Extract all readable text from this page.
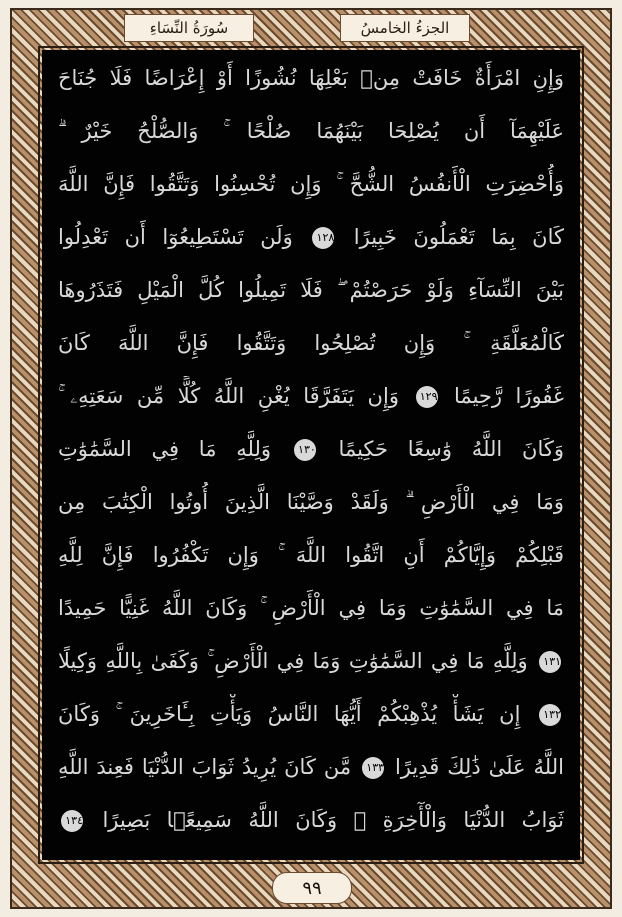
سُورَةُ النِّسَاءِ	الجزءُ الخامسُ
وَإِنِ امْرَأَةٌ خَافَتْ مِنۢ بَعْلِهَا نُشُوزًا أَوْ إِعْرَاضًا فَلَا جُنَاحَ
عَلَيْهِمَآ أَن يُصْلِحَا بَيْنَهُمَا صُلْحًا ۚ وَالصُّلْحُ خَيْرٌ ۗ
وَأُحْضِرَتِ الْأَنفُسُ الشُّحَّ ۚ وَإِن تُحْسِنُوا وَتَتَّقُوا فَإِنَّ اللَّهَ
كَانَ بِمَا تَعْمَلُونَ خَبِيرًا ١٢٨ وَلَن تَسْتَطِيعُوٓا أَن تَعْدِلُوا
بَيْنَ النِّسَآءِ وَلَوْ حَرَصْتُمْ ۖ فَلَا تَمِيلُوا كُلَّ الْمَيْلِ فَتَذَرُوهَا
كَالْمُعَلَّقَةِ ۚ وَإِن تُصْلِحُوا وَتَتَّقُوا فَإِنَّ اللَّهَ كَانَ
غَفُورًا رَّحِيمًا ١٢٩ وَإِن يَتَفَرَّقَا يُغْنِ اللَّهُ كُلًّا مِّن سَعَتِهِۦ ۚ
وَكَانَ اللَّهُ وَٰسِعًا حَكِيمًا ١٣٠ وَلِلَّهِ مَا فِي السَّمَٰوَٰتِ
وَمَا فِي الْأَرْضِ ۗ وَلَقَدْ وَصَّيْنَا الَّذِينَ أُوتُوا الْكِتَٰبَ مِن
قَبْلِكُمْ وَإِيَّاكُمْ أَنِ اتَّقُوا اللَّهَ ۚ وَإِن تَكْفُرُوا فَإِنَّ لِلَّهِ
مَا فِي السَّمَٰوَٰتِ وَمَا فِي الْأَرْضِ ۚ وَكَانَ اللَّهُ غَنِيًّا حَمِيدًا
١٣١ وَلِلَّهِ مَا فِي السَّمَٰوَٰتِ وَمَا فِي الْأَرْضِ ۚ وَكَفَىٰ بِاللَّهِ وَكِيلًا
١٣٢ إِن يَشَأْ يُذْهِبْكُمْ أَيُّهَا النَّاسُ وَيَأْتِ بِـَٔاخَرِينَ ۚ وَكَانَ
اللَّهُ عَلَىٰ ذَٰلِكَ قَدِيرًا ١٣٣ مَّن كَانَ يُرِيدُ ثَوَابَ الدُّنْيَا فَعِندَ اللَّهِ
ثَوَابُ الدُّنْيَا وَالْأٓخِرَةِ ۚ وَكَانَ اللَّهُ سَمِيعًۢا بَصِيرًا ١٣٤
٩٩
